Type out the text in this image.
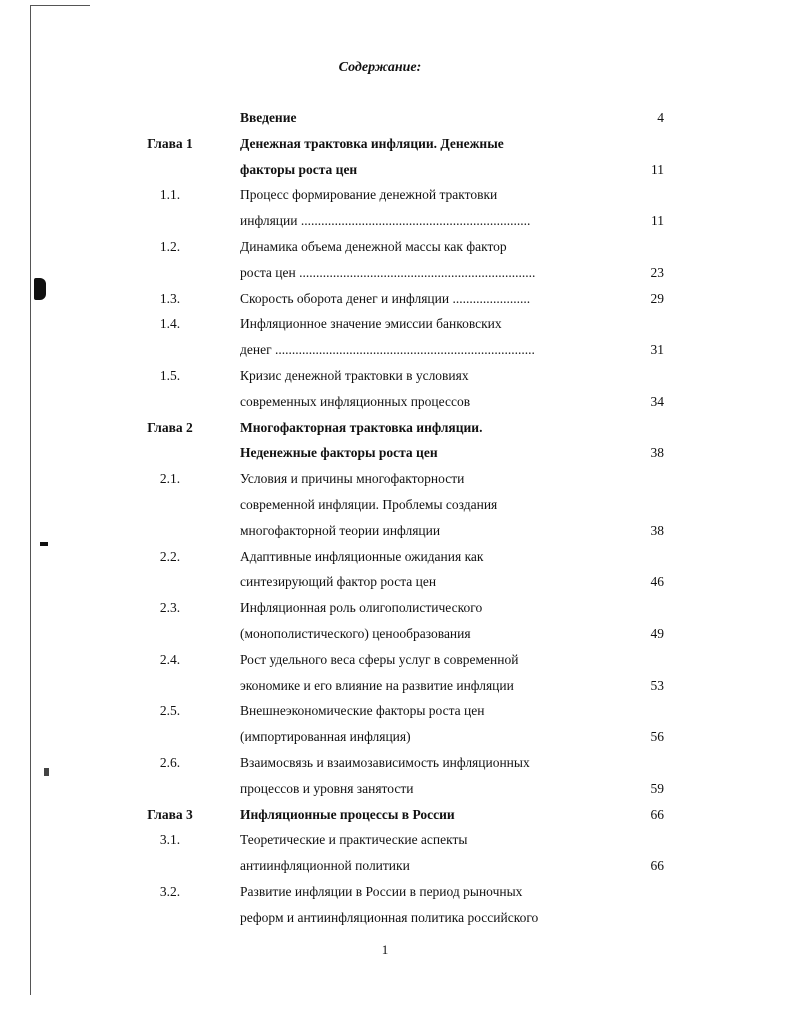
Содержание:
Введение	4
Глава 1	Денежная трактовка инфляции. Денежные
факторы роста цен	11
1.1.	Процесс формирование денежной трактовки
инфляции ....................................................................	11
1.2.	Динамика объема денежной массы как фактор
роста цен ......................................................................	23
1.3.	Скорость оборота денег и инфляции .......................	29
1.4.	Инфляционное значение эмиссии банковских
денег .............................................................................	31
1.5.	Кризис денежной трактовки в условиях
современных инфляционных процессов	34
Глава 2	Многофакторная трактовка инфляции.
Неденежные факторы роста цен	38
2.1.	Условия и причины многофакторности
современной инфляции. Проблемы создания
многофакторной теории инфляции	38
2.2.	Адаптивные инфляционные ожидания как
синтезирующий фактор роста цен	46
2.3.	Инфляционная роль олигополистического
(монополистического) ценообразования	49
2.4.	Рост удельного веса сферы услуг в современной
экономике и его влияние на развитие инфляции	53
2.5.	Внешнеэкономические факторы роста цен
(импортированная инфляция)	56
2.6.	Взаимосвязь и взаимозависимость инфляционных
процессов и уровня занятости	59
Глава 3	Инфляционные процессы в России	66
3.1.	Теоретические и практические аспекты
антиинфляционной политики	66
3.2.	Развитие инфляции в России в период рыночных
реформ и антиинфляционная политика российского
1
